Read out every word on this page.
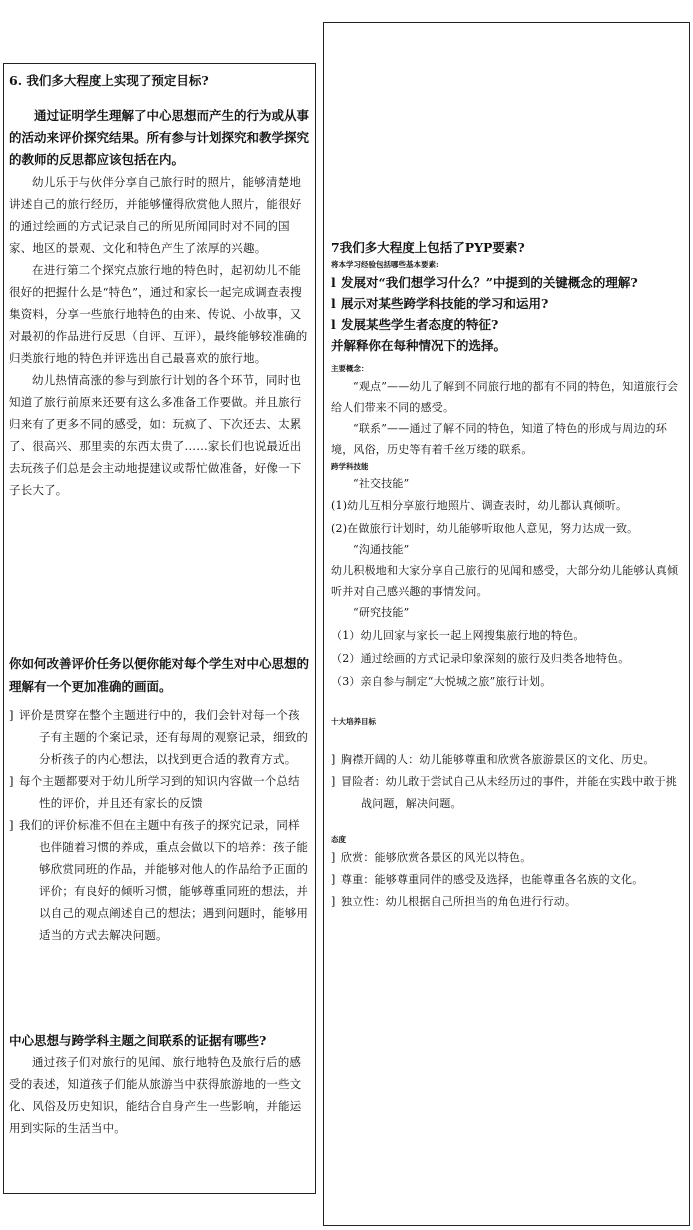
6. 我们多大程度上实现了预定目标?

通过证明学生理解了中心思想而产生的行为或从事的活动来评价探究结果。所有参与计划探究和教学探究的教师的反思都应该包括在内。

幼儿乐于与伙伴分享自己旅行时的照片，能够清楚地讲述自己的旅行经历，并能够懂得欣赏他人照片，能很好的通过绘画的方式记录自己的所见所闻同时对不同的国家、地区的景观、文化和特色产生了浓厚的兴趣。

在进行第二个探究点旅行地的特色时，起初幼儿不能很好的把握什么是“特色”，通过和家长一起完成调查表搜集资料，分享一些旅行地特色的由来、传说、小故事，又对最初的作品进行反思（自评、互评），最终能够较准确的归类旅行地的特色并评选出自己最喜欢的旅行地。

幼儿热情高涨的参与到旅行计划的各个环节，同时也知道了旅行前原来还要有这么多准备工作要做。并且旅行归来有了更多不同的感受，如：玩疯了、下次还去、太累了、很高兴、那里卖的东西太贵了……家长们也说最近出去玩孩子们总是会主动地提建议或帮忙做准备，好像一下子长大了。

你如何改善评价任务以便你能对每个学生对中心思想的理解有一个更加准确的画面。

] 评价是贯穿在整个主题进行中的，我们会针对每一个孩子有主题的个案记录，还有每周的观察记录，细致的分析孩子的内心想法，以找到更合适的教育方式。
] 每个主题都要对于幼儿所学习到的知识内容做一个总结性的评价，并且还有家长的反馈
] 我们的评价标准不但在主题中有孩子的探究记录，同样也伴随着习惯的养成，重点会做以下的培养：孩子能够欣赏同班的作品，并能够对他人的作品给予正面的评价；有良好的倾听习惯，能够尊重同班的想法，并以自己的观点阐述自己的想法；遇到问题时，能够用适当的方式去解决问题。

中心思想与跨学科主题之间联系的证据有哪些?

通过孩子们对旅行的见闻、旅行地特色及旅行后的感受的表述，知道孩子们能从旅游当中获得旅游地的一些文化、风俗及历史知识，能结合自身产生一些影响，并能运用到实际的生活当中。

7我们多大程度上包括了PYP要素?

将本学习经验包括哪些基本要素:

l 发展对“我们想学习什么？”中提到的关键概念的理解?
l 展示对某些跨学科技能的学习和运用?
l 发展某些学生者态度的特征?

并解释你在每种情况下的选择。

主要概念：

“观点”——幼儿了解到不同旅行地的都有不同的特色，知道旅行会给人们带来不同的感受。

“联系”——通过了解不同的特色，知道了特色的形成与周边的环境，风俗，历史等有着千丝万缕的联系。

跨学科技能

“社交技能”

(1)幼儿互相分享旅行地照片、调查表时，幼儿都认真倾听。

(2)在做旅行计划时，幼儿能够听取他人意见，努力达成一致。

“沟通技能”

幼儿积极地和大家分享自己旅行的见闻和感受，大部分幼儿能够认真倾听并对自己感兴趣的事情发问。

“研究技能”

（1）幼儿回家与家长一起上网搜集旅行地的特色。

（2）通过绘画的方式记录印象深刻的旅行及归类各地特色。

（3）亲自参与制定“大悦城之旅”旅行计划。

十大培养目标

] 胸襟开阔的人：幼儿能够尊重和欣赏各旅游景区的文化、历史。
] 冒险者：幼儿敢于尝试自己从未经历过的事件，并能在实践中敢于挑战问题，解决问题。

态度

] 欣赏：能够欣赏各景区的风光以特色。
] 尊重：能够尊重同伴的感受及选择，也能尊重各名族的文化。
] 独立性：幼儿根据自己所担当的角色进行行动。
